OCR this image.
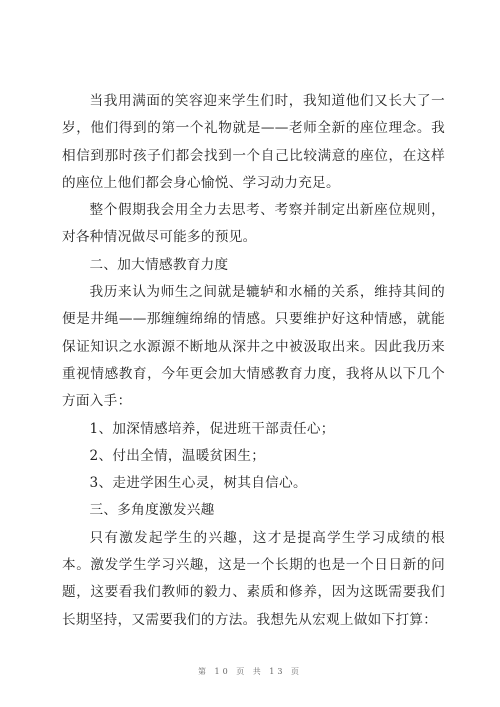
当我用满面的笑容迎来学生们时，我知道他们又长大了一岁，他们得到的第一个礼物就是——老师全新的座位理念。我相信到那时孩子们都会找到一个自己比较满意的座位，在这样的座位上他们都会身心愉悦、学习动力充足。

整个假期我会用全力去思考、考察并制定出新座位规则，对各种情况做尽可能多的预见。

二、加大情感教育力度

我历来认为师生之间就是辘轳和水桶的关系，维持其间的便是井绳——那缠缠绵绵的情感。只要维护好这种情感，就能保证知识之水源源不断地从深井之中被汲取出来。因此我历来重视情感教育，今年更会加大情感教育力度，我将从以下几个方面入手：

1、加深情感培养，促进班干部责任心；

2、付出全情，温暖贫困生；

3、走进学困生心灵，树其自信心。

三、多角度激发兴趣

只有激发起学生的兴趣，这才是提高学生学习成绩的根本。激发学生学习兴趣，这是一个长期的也是一个日日新的问题，这要看我们教师的毅力、素质和修养，因为这既需要我们长期坚持，又需要我们的方法。我想先从宏观上做如下打算：

第 10 页 共 13 页
